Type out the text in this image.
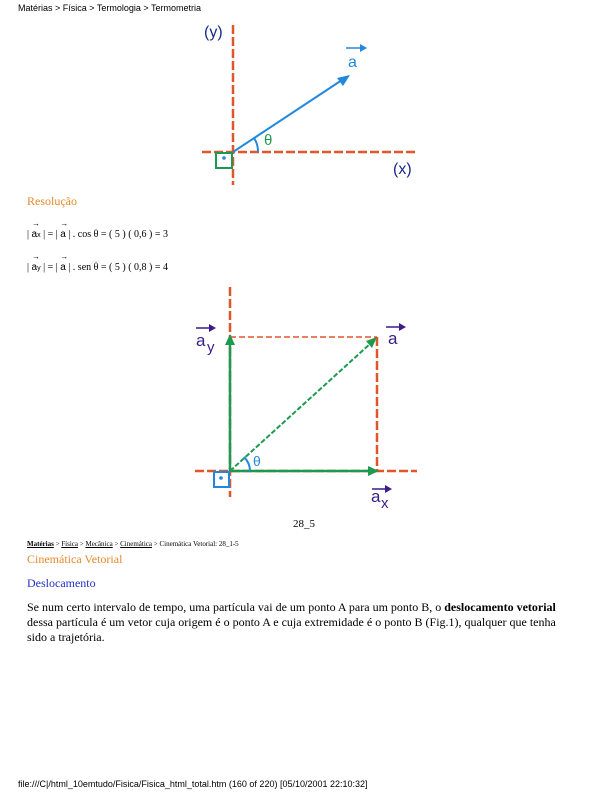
Matérias > Física > Termologia > Termometria
(y)
(x)
a
θ
Resolução
|
→
ax | = |
→
a | . cos θ = ( 5 ) ( 0,6 ) = 3
|
→
ay | = |
→
a | . sen θ = ( 5 ) ( 0,8 ) = 4
θ
a y	a
a x
28_5
Matérias > Física > Mecânica > Cinemática > Cinemática Vetorial: 28_1-5
Cinemática Vetorial
Deslocamento
Se num certo intervalo de tempo, uma partícula vai de um ponto A para um ponto B, o deslocamento vetorial dessa partícula é um vetor cuja origem é o ponto A e cuja extremidade é o ponto B (Fig.1), qualquer que tenha sido a trajetória.
file:///C|/html_10emtudo/Fisica/Fisica_html_total.htm (160 of 220) [05/10/2001 22:10:32]
